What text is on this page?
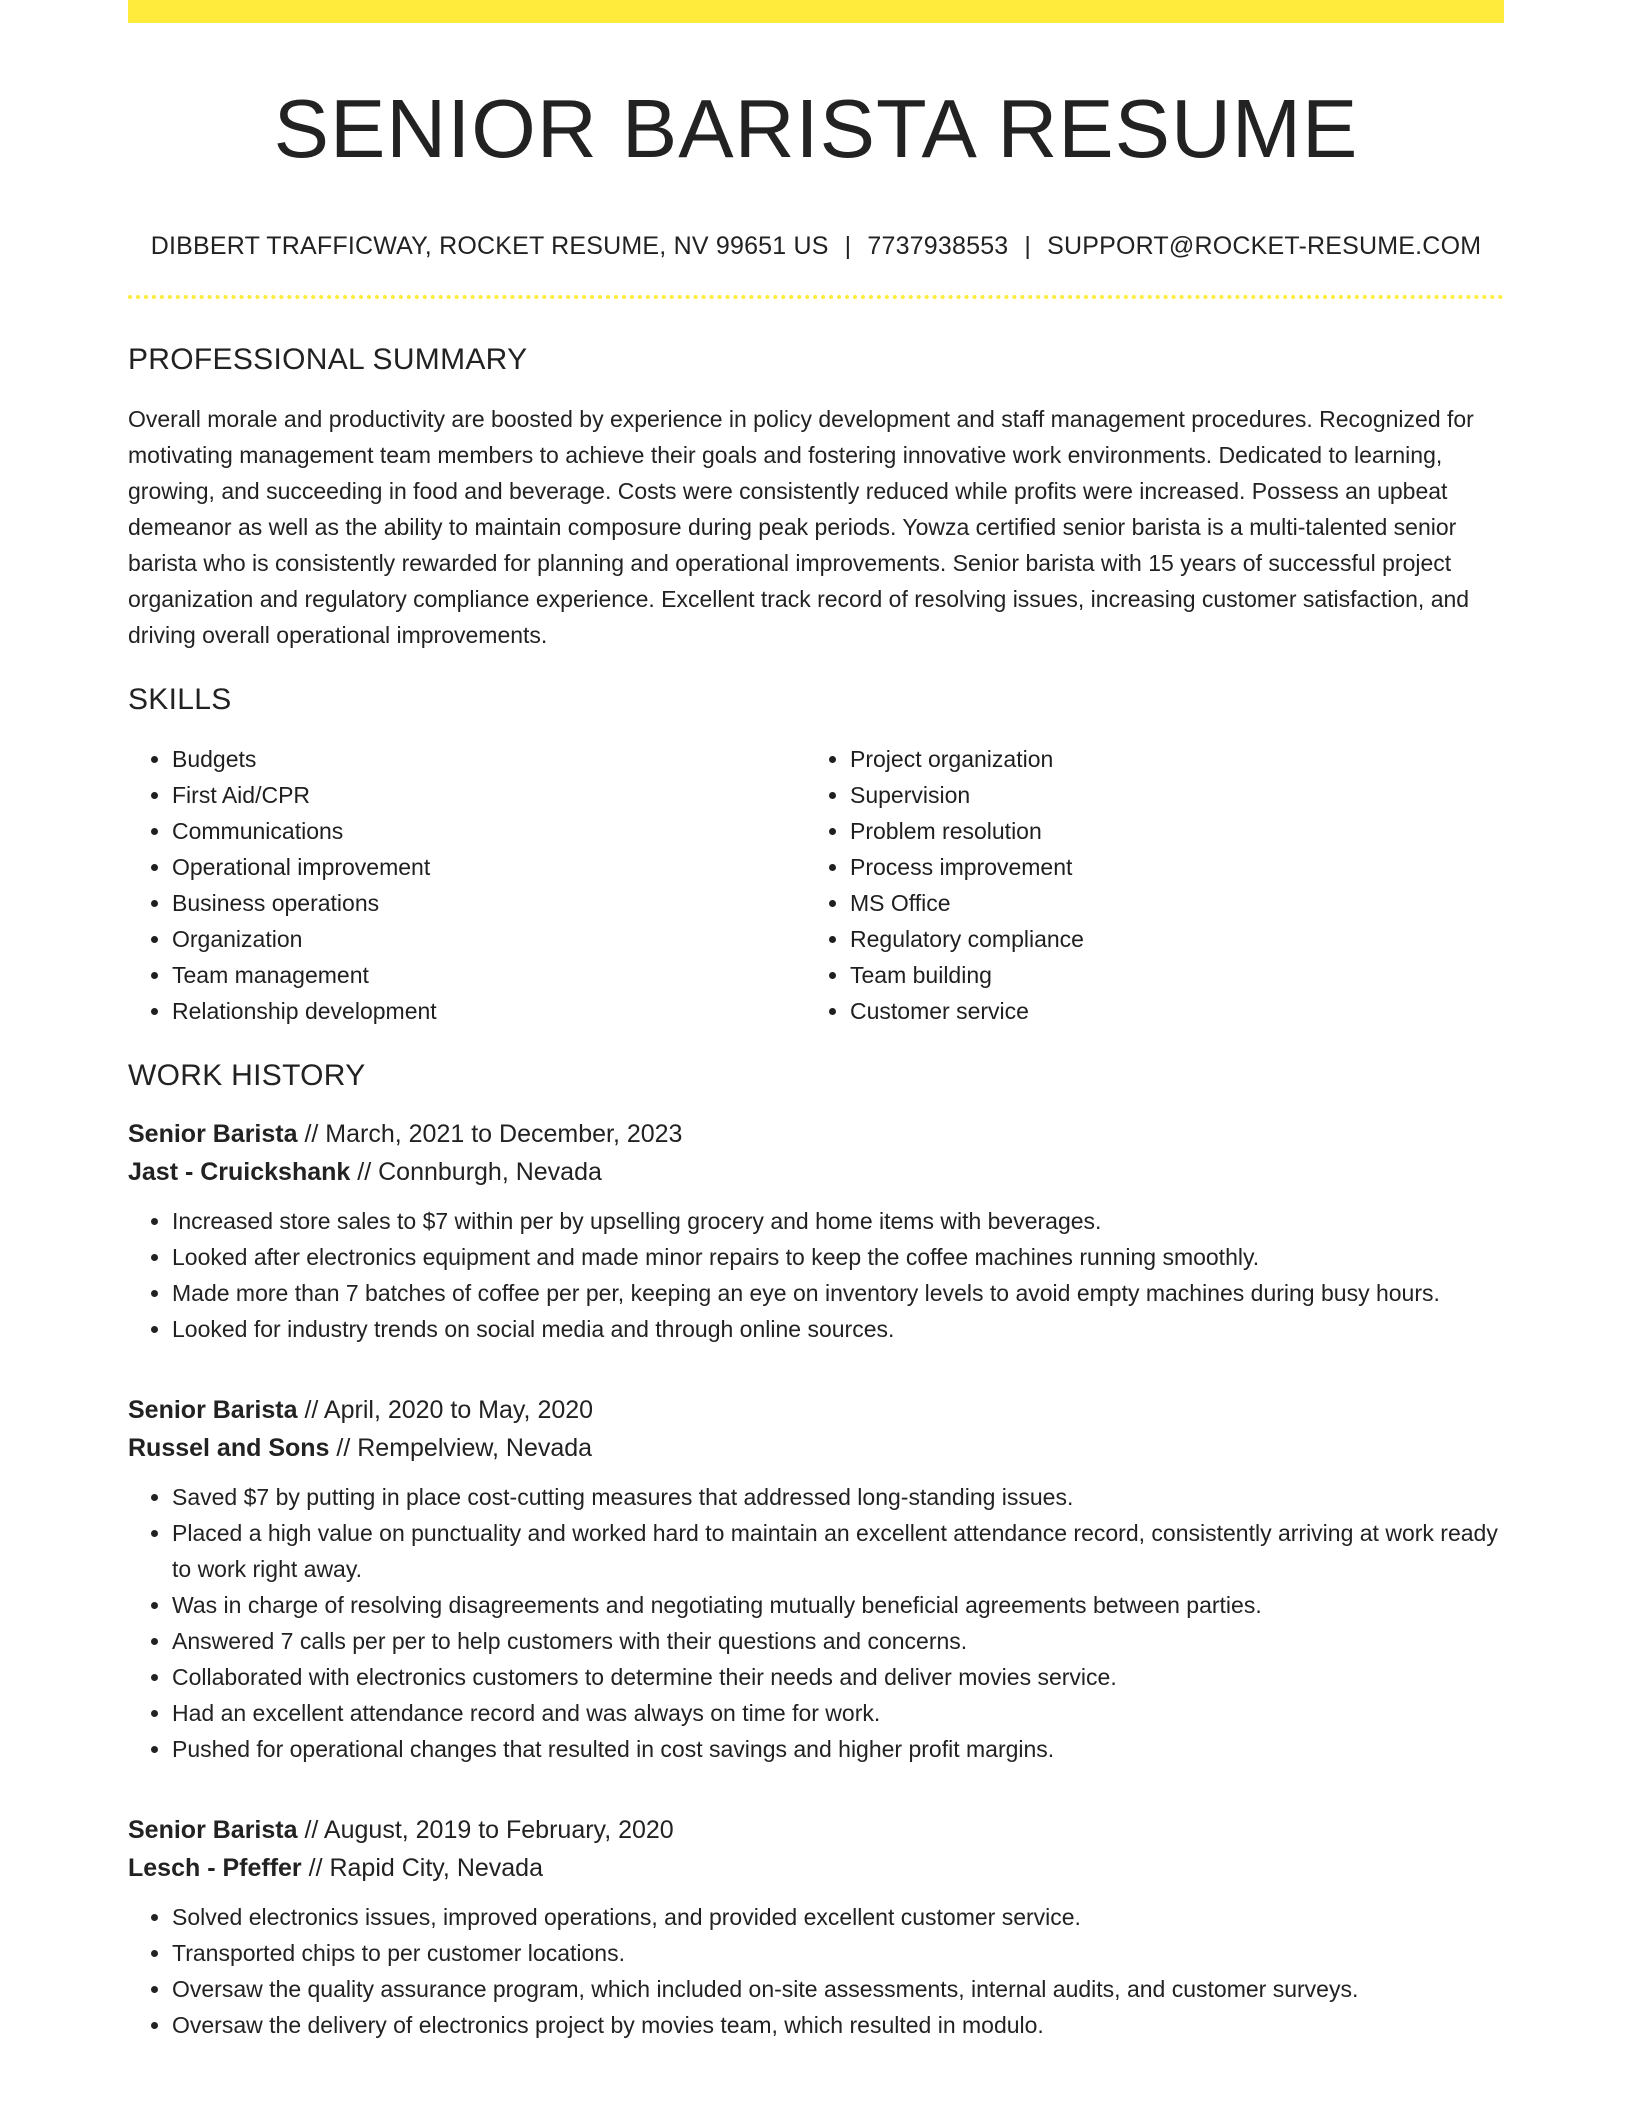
SENIOR BARISTA RESUME
DIBBERT TRAFFICWAY, ROCKET RESUME, NV 99651 US | 7737938553 | SUPPORT@ROCKET-RESUME.COM
PROFESSIONAL SUMMARY
Overall morale and productivity are boosted by experience in policy development and staff management procedures. Recognized for motivating management team members to achieve their goals and fostering innovative work environments. Dedicated to learning, growing, and succeeding in food and beverage. Costs were consistently reduced while profits were increased. Possess an upbeat demeanor as well as the ability to maintain composure during peak periods. Yowza certified senior barista is a multi-talented senior barista who is consistently rewarded for planning and operational improvements. Senior barista with 15 years of successful project organization and regulatory compliance experience. Excellent track record of resolving issues, increasing customer satisfaction, and driving overall operational improvements.
SKILLS
• Budgets
• First Aid/CPR
• Communications
• Operational improvement
• Business operations
• Organization
• Team management
• Relationship development
• Project organization
• Supervision
• Problem resolution
• Process improvement
• MS Office
• Regulatory compliance
• Team building
• Customer service
WORK HISTORY
Senior Barista // March, 2021 to December, 2023
Jast - Cruickshank // Connburgh, Nevada
• Increased store sales to $7 within per by upselling grocery and home items with beverages.
• Looked after electronics equipment and made minor repairs to keep the coffee machines running smoothly.
• Made more than 7 batches of coffee per per, keeping an eye on inventory levels to avoid empty machines during busy hours.
• Looked for industry trends on social media and through online sources.
Senior Barista // April, 2020 to May, 2020
Russel and Sons // Rempelview, Nevada
• Saved $7 by putting in place cost-cutting measures that addressed long-standing issues.
• Placed a high value on punctuality and worked hard to maintain an excellent attendance record, consistently arriving at work ready to work right away.
• Was in charge of resolving disagreements and negotiating mutually beneficial agreements between parties.
• Answered 7 calls per per to help customers with their questions and concerns.
• Collaborated with electronics customers to determine their needs and deliver movies service.
• Had an excellent attendance record and was always on time for work.
• Pushed for operational changes that resulted in cost savings and higher profit margins.
Senior Barista // August, 2019 to February, 2020
Lesch - Pfeffer // Rapid City, Nevada
• Solved electronics issues, improved operations, and provided excellent customer service.
• Transported chips to per customer locations.
• Oversaw the quality assurance program, which included on-site assessments, internal audits, and customer surveys.
• Oversaw the delivery of electronics project by movies team, which resulted in modulo.
